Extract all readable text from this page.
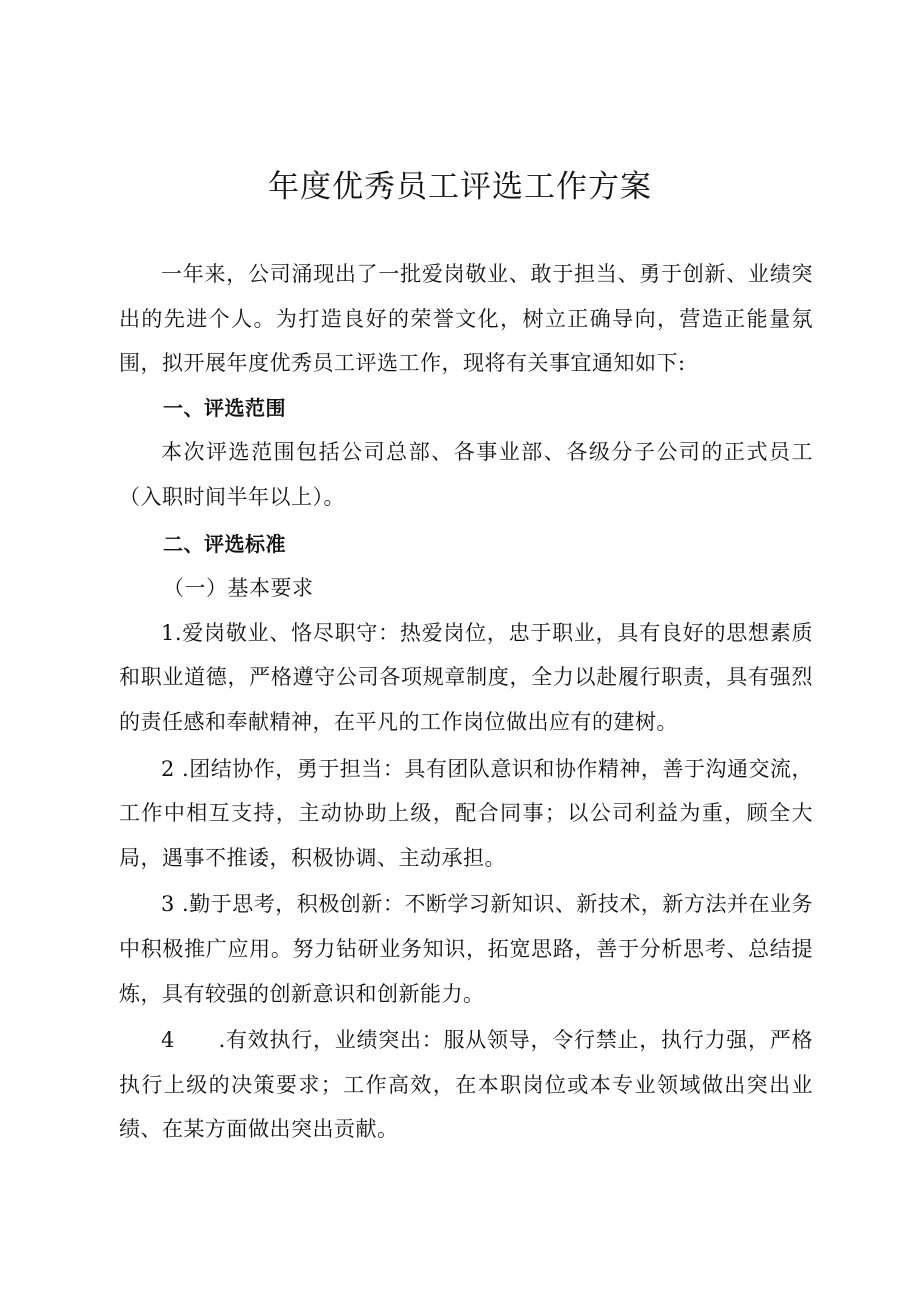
年度优秀员工评选工作方案

一年来，公司涌现出了一批爱岗敬业、敢于担当、勇于创新、业绩突出的先进个人。为打造良好的荣誉文化，树立正确导向，营造正能量氛围，拟开展年度优秀员工评选工作，现将有关事宜通知如下:

一、评选范围

本次评选范围包括公司总部、各事业部、各级分子公司的正式员工（入职时间半年以上）。

二、评选标准

（一）基本要求

1.爱岗敬业、恪尽职守：热爱岗位，忠于职业，具有良好的思想素质和职业道德，严格遵守公司各项规章制度，全力以赴履行职责，具有强烈的责任感和奉献精神，在平凡的工作岗位做出应有的建树。

2 .团结协作，勇于担当：具有团队意识和协作精神，善于沟通交流，工作中相互支持，主动协助上级，配合同事；以公司利益为重，顾全大局，遇事不推诿，积极协调、主动承担。

3 .勤于思考，积极创新：不断学习新知识、新技术，新方法并在业务中积极推广应用。努力钻研业务知识，拓宽思路，善于分析思考、总结提炼，具有较强的创新意识和创新能力。

4　　.有效执行，业绩突出：服从领导，令行禁止，执行力强，严格执行上级的决策要求；工作高效，在本职岗位或本专业领域做出突出业绩、在某方面做出突出贡献。
